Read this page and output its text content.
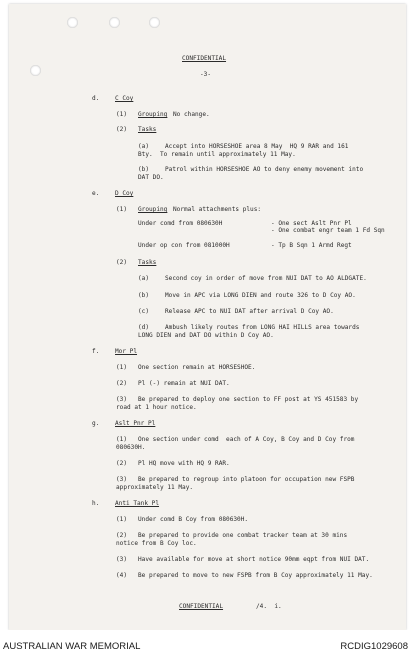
CONFIDENTIAL
-3-
d.	C Coy
(1) Grouping No change.
(2) Tasks
(a)	Accept into HORSESHOE area 8 May  HQ 9 RAR and 161
Bty.  To remain until approximately 11 May.
(b)	Patrol within HORSESHOE AO to deny enemy movement into
DAT DO.
e.	D Coy
(1) Grouping Normal attachments plus:
Under comd from 080630H	- One sect Aslt Pnr Pl
- One combat engr team 1 Fd Sqn
Under op con from 081000H	- Tp B Sqn 1 Armd Regt
(2) Tasks
(a)	Second coy in order of move from NUI DAT to AO ALDGATE.
(b)	Move in APC via LONG DIEN and route 326 to D Coy AO.
(c)	Release APC to NUI DAT after arrival D Coy AO.
(d)	Ambush likely routes from LONG HAI HILLS area towards
LONG DIEN and DAT DO within D Coy AO.
f.	Mor Pl
(1) One section remain at HORSESHOE.
(2) Pl (-) remain at NUI DAT.
(3) Be prepared to deploy one section to FF post at YS 451583 by
road at 1 hour notice.
g.	Aslt Pnr Pl
(1) One section under comd  each of A Coy, B Coy and D Coy from
080630H.
(2) Pl HQ move with HQ 9 RAR.
(3) Be prepared to regroup into platoon for occupation new FSPB
approximately 11 May.
h.	Anti Tank Pl
(1) Under comd B Coy from 080630H.
(2) Be prepared to provide one combat tracker team at 30 mins
notice from B Coy loc.
(3) Have available for move at short notice 90mm eqpt from NUI DAT.
(4) Be prepared to move to new FSPB from B Coy approximately 11 May.
CONFIDENTIAL	/4.  i.
AUSTRALIAN WAR MEMORIAL	RCDIG1029608
